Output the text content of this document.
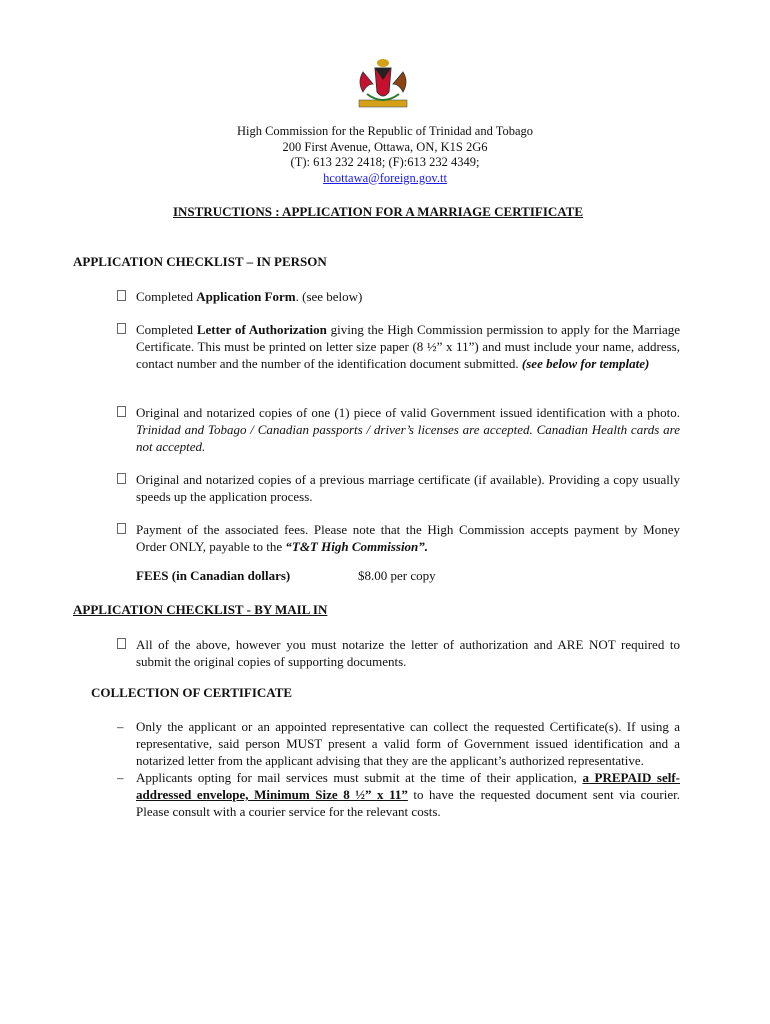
High Commission for the Republic of Trinidad and Tobago
200 First Avenue, Ottawa, ON, K1S 2G6
(T): 613 232 2418; (F):613 232 4349;
hcottawa@foreign.gov.tt
INSTRUCTIONS : APPLICATION FOR A MARRIAGE CERTIFICATE
APPLICATION CHECKLIST – IN PERSON
Completed Application Form. (see below)
Completed Letter of Authorization giving the High Commission permission to apply for the Marriage Certificate. This must be printed on letter size paper (8 ½” x 11”) and must include your name, address, contact number and the number of the identification document submitted. (see below for template)
Original and notarized copies of one (1) piece of valid Government issued identification with a photo. Trinidad and Tobago / Canadian passports / driver’s licenses are accepted. Canadian Health cards are not accepted.
Original and notarized copies of a previous marriage certificate (if available). Providing a copy usually speeds up the application process.
Payment of the associated fees. Please note that the High Commission accepts payment by Money Order ONLY, payable to the “T&T High Commission”.
FEES (in Canadian dollars)	$8.00 per copy
APPLICATION CHECKLIST - BY MAIL IN
All of the above, however you must notarize the letter of authorization and ARE NOT required to submit the original copies of supporting documents.
COLLECTION OF CERTIFICATE
– Only the applicant or an appointed representative can collect the requested Certificate(s). If using a representative, said person MUST present a valid form of Government issued identification and a notarized letter from the applicant advising that they are the applicant’s authorized representative.
– Applicants opting for mail services must submit at the time of their application, a PREPAID self-addressed envelope, Minimum Size 8 ½” x 11” to have the requested document sent via courier. Please consult with a courier service for the relevant costs.
